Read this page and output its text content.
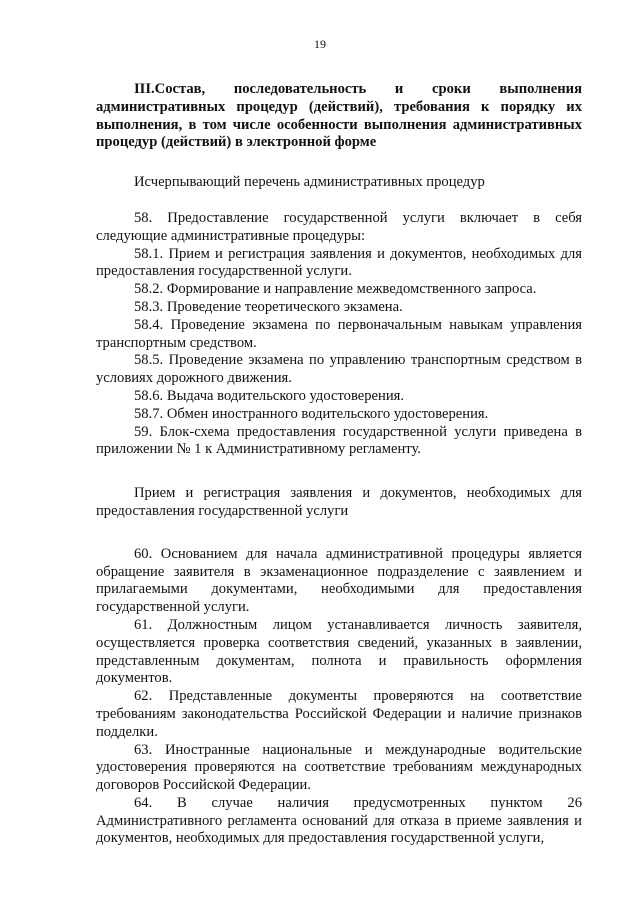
19

III.Состав, последовательность и сроки выполнения административных процедур (действий), требования к порядку их выполнения, в том числе особенности выполнения административных процедур (действий) в электронной форме

Исчерпывающий перечень административных процедур

58. Предоставление государственной услуги включает в себя следующие административные процедуры:

58.1. Прием и регистрация заявления и документов, необходимых для предоставления государственной услуги.

58.2. Формирование и направление межведомственного запроса.

58.3. Проведение теоретического экзамена.

58.4. Проведение экзамена по первоначальным навыкам управления транспортным средством.

58.5. Проведение экзамена по управлению транспортным средством в условиях дорожного движения.

58.6. Выдача водительского удостоверения.

58.7. Обмен иностранного водительского удостоверения.

59. Блок-схема предоставления государственной услуги приведена в приложении № 1 к Административному регламенту.

Прием и регистрация заявления и документов, необходимых для предоставления государственной услуги

60. Основанием для начала административной процедуры является обращение заявителя в экзаменационное подразделение с заявлением и прилагаемыми документами, необходимыми для предоставления государственной услуги.

61. Должностным лицом устанавливается личность заявителя, осуществляется проверка соответствия сведений, указанных в заявлении, представленным документам, полнота и правильность оформления документов.

62. Представленные документы проверяются на соответствие требованиям законодательства Российской Федерации и наличие признаков подделки.

63. Иностранные национальные и международные водительские удостоверения проверяются на соответствие требованиям международных договоров Российской Федерации.

64. В случае наличия предусмотренных пунктом 26 Административного регламента оснований для отказа в приеме заявления и документов, необходимых для предоставления государственной услуги,
